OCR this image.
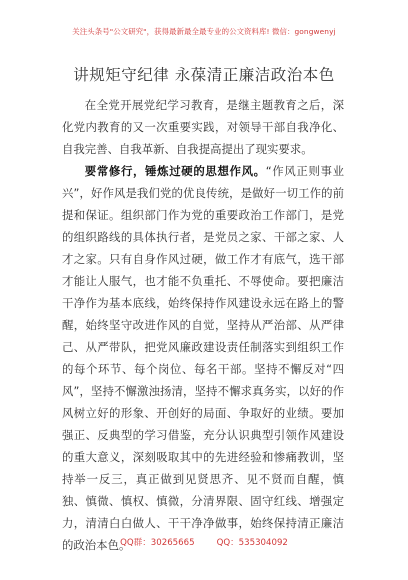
关注头条号"公文研究"，获得最新最全最专业的公文资料库! 微信：gongwenyj
讲规矩守纪律 永葆清正廉洁政治本色

在全党开展党纪学习教育，是继主题教育之后，深化党内教育的又一次重要实践，对领导干部自我净化、自我完善、自我革新、自我提高提出了现实要求。

要常修行，锤炼过硬的思想作风。“作风正则事业兴”，好作风是我们党的优良传统，是做好一切工作的前提和保证。组织部门作为党的重要政治工作部门，是党的组织路线的具体执行者，是党员之家、干部之家、人才之家。只有自身作风过硬，做工作才有底气，选干部才能让人服气，也才能不负重托、不辱使命。要把廉洁干净作为基本底线，始终保持作风建设永远在路上的警醒，始终坚守改进作风的自觉，坚持从严治部、从严律己、从严带队，把党风廉政建设责任制落实到组织工作的每个环节、每个岗位、每名干部。坚持不懈反对“四风”，坚持不懈激浊扬清，坚持不懈求真务实，以好的作风树立好的形象、开创好的局面、争取好的业绩。要加强正、反典型的学习借鉴，充分认识典型引领作风建设的重大意义，深刻吸取其中的先进经验和惨痛教训，坚持举一反三，真正做到见贤思齐、见不贤而自醒，慎独、慎微、慎权、慎微，分清界限、固守红线、增强定力，清清白白做人、干干净净做事，始终保持清正廉洁的政治本色。

QQ群：30265665	QQ：535304092
